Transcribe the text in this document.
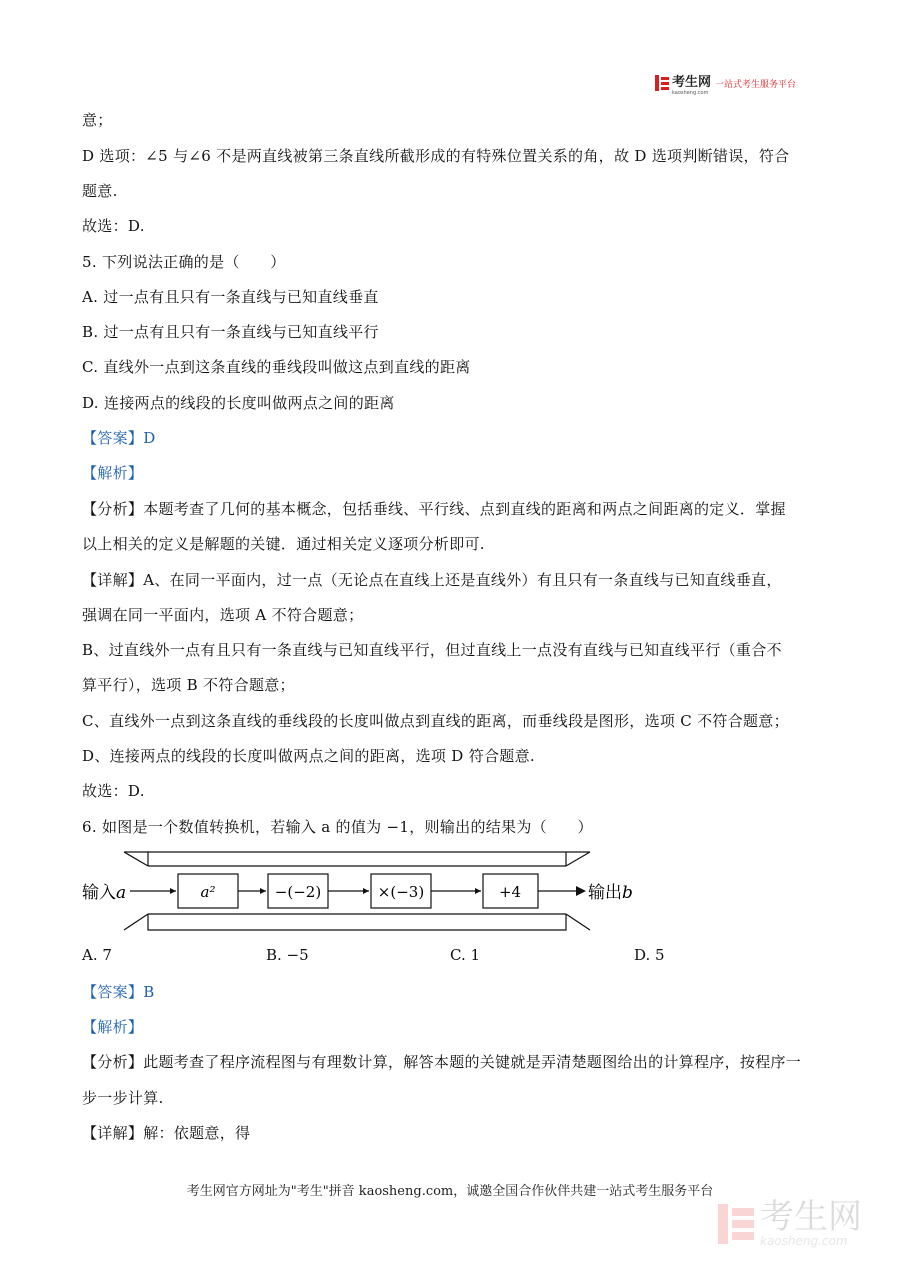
考生网
kaosheng.com
一站式考生服务平台
意；
D 选项：∠5 与∠6 不是两直线被第三条直线所截形成的有特殊位置关系的角，故 D 选项判断错误，符合
题意.
故选：D.
5. 下列说法正确的是（　　）
A. 过一点有且只有一条直线与已知直线垂直
B. 过一点有且只有一条直线与已知直线平行
C. 直线外一点到这条直线的垂线段叫做这点到直线的距离
D. 连接两点的线段的长度叫做两点之间的距离
【答案】D
【解析】
【分析】本题考查了几何的基本概念，包括垂线、平行线、点到直线的距离和两点之间距离的定义．掌握
以上相关的定义是解题的关键．通过相关定义逐项分析即可.
【详解】A、在同一平面内，过一点（无论点在直线上还是直线外）有且只有一条直线与已知直线垂直，
强调在同一平面内，选项 A 不符合题意；
B、过直线外一点有且只有一条直线与已知直线平行，但过直线上一点没有直线与已知直线平行（重合不
算平行），选项 B 不符合题意；
C、直线外一点到这条直线的垂线段的长度叫做点到直线的距离，而垂线段是图形，选项 C 不符合题意；
D、连接两点的线段的长度叫做两点之间的距离，选项 D 符合题意.
故选：D.
6. 如图是一个数值转换机，若输入 a 的值为 −1，则输出的结果为（　　）
输入a	a²	−(−2)	×(−3)	+4	输出b
A. 7	B. −5	C. 1	D. 5
【答案】B
【解析】
【分析】此题考查了程序流程图与有理数计算，解答本题的关键就是弄清楚题图给出的计算程序，按程序一
步一步计算.
【详解】解：依题意，得
考生网官方网址为"考生"拼音 kaosheng.com，诚邀全国合作伙伴共建一站式考生服务平台
考生网
kaosheng.com
